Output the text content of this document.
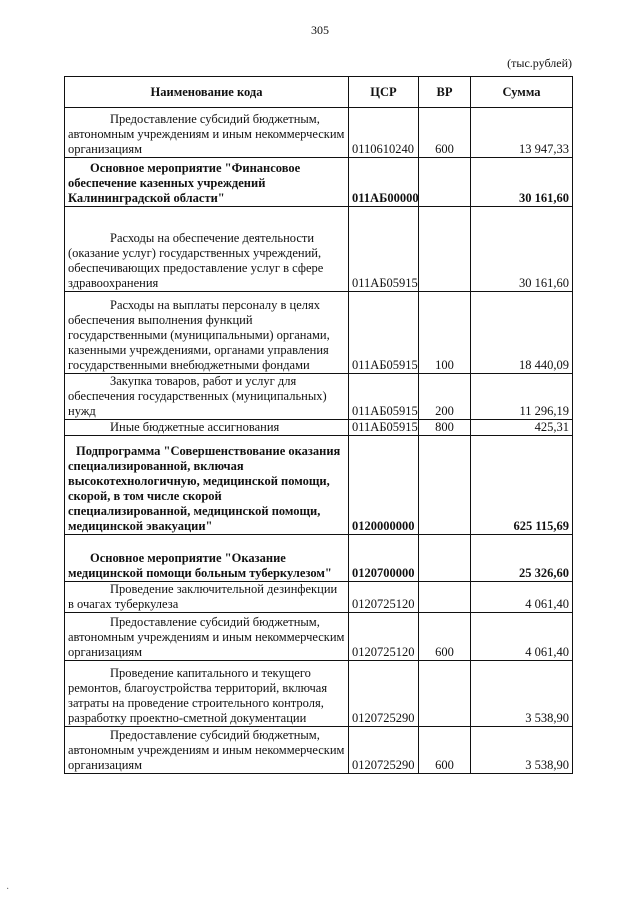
305
(тыс.рублей)
Наименование кода	ЦСР	ВР	Сумма
Предоставление субсидий бюджетным, автономным учреждениям и иным некоммерческим организациям	0110610240	600	13 947,33
Основное мероприятие "Финансовое обеспечение казенных учреждений Калининградской области"	011АБ00000		30 161,60
Расходы на обеспечение деятельности (оказание услуг) государственных учреждений, обеспечивающих предоставление услуг в сфере здравоохранения	011АБ05915		30 161,60
Расходы на выплаты персоналу в целях обеспечения выполнения функций государственными (муниципальными) органами, казенными учреждениями, органами управления государственными внебюджетными фондами	011АБ05915	100	18 440,09
Закупка товаров, работ и услуг для обеспечения государственных (муниципальных) нужд	011АБ05915	200	11 296,19
Иные бюджетные ассигнования	011АБ05915	800	425,31
Подпрограмма "Совершенствование оказания специализированной, включая высокотехнологичную, медицинской помощи, скорой, в том числе скорой специализированной, медицинской помощи, медицинской эвакуации"	0120000000		625 115,69
Основное мероприятие "Оказание медицинской помощи больным туберкулезом"	0120700000		25 326,60
Проведение заключительной дезинфекции в очагах туберкулеза	0120725120		4 061,40
Предоставление субсидий бюджетным, автономным учреждениям и иным некоммерческим организациям	0120725120	600	4 061,40
Проведение капитального и текущего ремонтов, благоустройства территорий, включая затраты на проведение строительного контроля, разработку проектно-сметной документации	0120725290		3 538,90
Предоставление субсидий бюджетным, автономным учреждениям и иным некоммерческим организациям	0120725290	600	3 538,90
·
